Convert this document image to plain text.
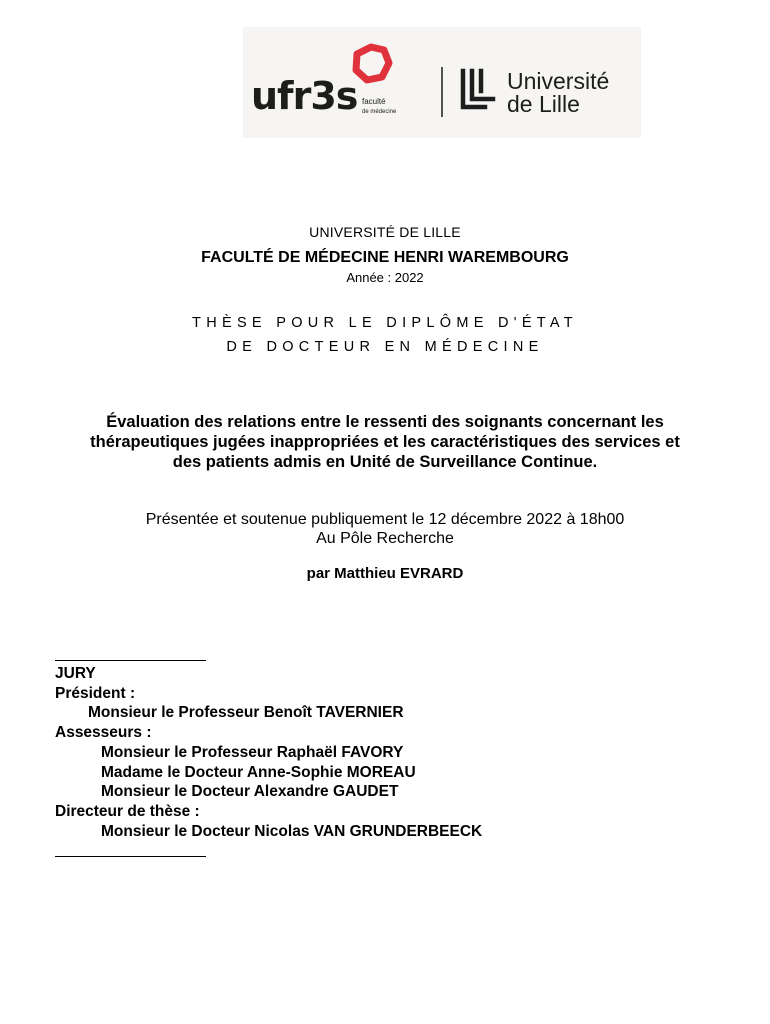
ufr3s faculté
de médecine
Université
de Lille
UNIVERSITÉ DE LILLE
FACULTÉ DE MÉDECINE HENRI WAREMBOURG
Année : 2022
THÈSE POUR LE DIPLÔME D'ÉTAT
DE DOCTEUR EN MÉDECINE
Évaluation des relations entre le ressenti des soignants concernant les
thérapeutiques jugées inappropriées et les caractéristiques des services et
des patients admis en Unité de Surveillance Continue.
Présentée et soutenue publiquement le 12 décembre 2022 à 18h00
Au Pôle Recherche
par Matthieu EVRARD
JURY
Président :
Monsieur le Professeur Benoît TAVERNIER
Assesseurs :
Monsieur le Professeur Raphaël FAVORY
Madame le Docteur Anne-Sophie MOREAU
Monsieur le Docteur Alexandre GAUDET
Directeur de thèse :
Monsieur le Docteur Nicolas VAN GRUNDERBEECK
